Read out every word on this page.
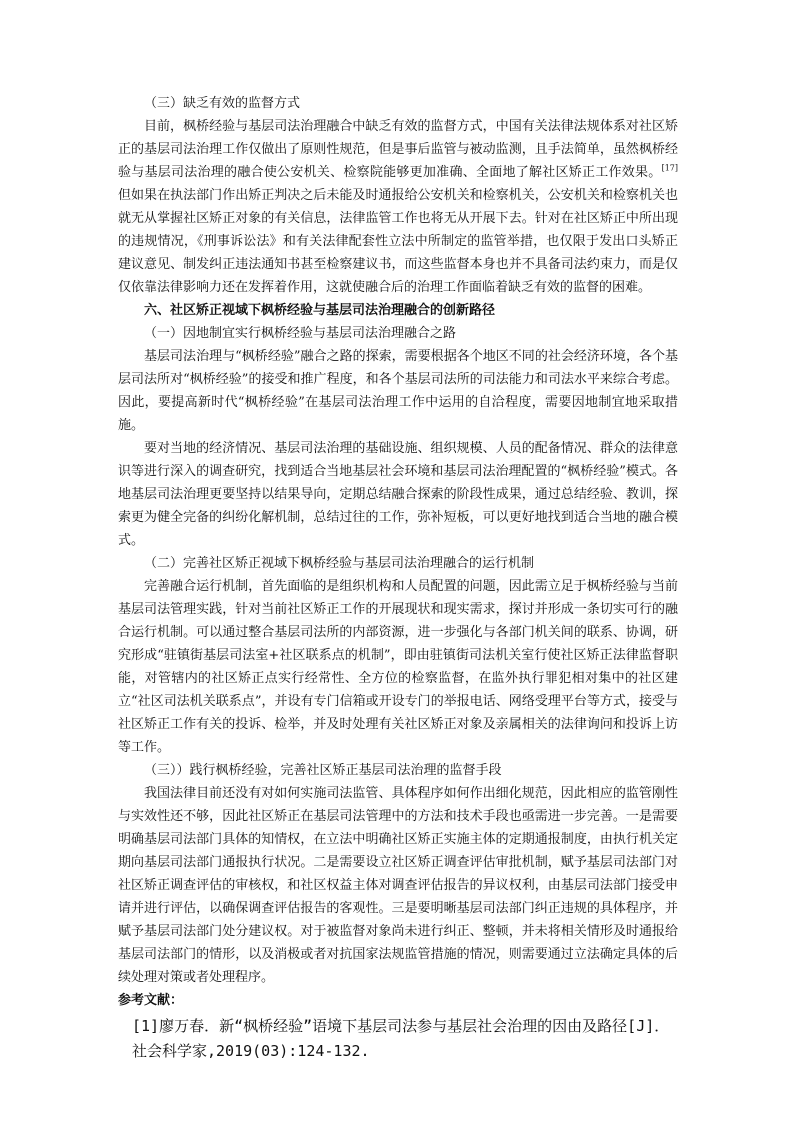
（三）缺乏有效的监督方式

目前，枫桥经验与基层司法治理融合中缺乏有效的监督方式，中国有关法律法规体系对社区矫正的基层司法治理工作仅做出了原则性规范，但是事后监管与被动监测，且手法简单，虽然枫桥经验与基层司法治理的融合使公安机关、检察院能够更加准确、全面地了解社区矫正工作效果。[17]但如果在执法部门作出矫正判决之后未能及时通报给公安机关和检察机关，公安机关和检察机关也就无从掌握社区矫正对象的有关信息，法律监管工作也将无从开展下去。针对在社区矫正中所出现的违规情况，《刑事诉讼法》和有关法律配套性立法中所制定的监管举措，也仅限于发出口头矫正建议意见、制发纠正违法通知书甚至检察建议书，而这些监督本身也并不具备司法约束力，而是仅仅依靠法律影响力还在发挥着作用，这就使融合后的治理工作面临着缺乏有效的监督的困难。

六、社区矫正视域下枫桥经验与基层司法治理融合的创新路径

（一）因地制宜实行枫桥经验与基层司法治理融合之路

基层司法治理与“枫桥经验”融合之路的探索，需要根据各个地区不同的社会经济环境，各个基层司法所对“枫桥经验”的接受和推广程度，和各个基层司法所的司法能力和司法水平来综合考虑。因此，要提高新时代“枫桥经验”在基层司法治理工作中运用的自洽程度，需要因地制宜地采取措施。

要对当地的经济情况、基层司法治理的基础设施、组织规模、人员的配备情况、群众的法律意识等进行深入的调查研究，找到适合当地基层社会环境和基层司法治理配置的“枫桥经验”模式。各地基层司法治理更要坚持以结果导向，定期总结融合探索的阶段性成果，通过总结经验、教训，探索更为健全完备的纠纷化解机制，总结过往的工作，弥补短板，可以更好地找到适合当地的融合模式。

（二）完善社区矫正视域下枫桥经验与基层司法治理融合的运行机制

完善融合运行机制，首先面临的是组织机构和人员配置的问题，因此需立足于枫桥经验与当前基层司法管理实践，针对当前社区矫正工作的开展现状和现实需求，探讨并形成一条切实可行的融合运行机制。可以通过整合基层司法所的内部资源，进一步强化与各部门机关间的联系、协调，研究形成“驻镇街基层司法室+社区联系点的机制”，即由驻镇街司法机关室行使社区矫正法律监督职能，对管辖内的社区矫正点实行经常性、全方位的检察监督，在监外执行罪犯相对集中的社区建立“社区司法机关联系点”，并设有专门信箱或开设专门的举报电话、网络受理平台等方式，接受与社区矫正工作有关的投诉、检举，并及时处理有关社区矫正对象及亲属相关的法律询问和投诉上访等工作。

（三））践行枫桥经验，完善社区矫正基层司法治理的监督手段

我国法律目前还没有对如何实施司法监管、具体程序如何作出细化规范，因此相应的监管刚性与实效性还不够，因此社区矫正在基层司法管理中的方法和技术手段也亟需进一步完善。一是需要明确基层司法部门具体的知情权，在立法中明确社区矫正实施主体的定期通报制度，由执行机关定期向基层司法部门通报执行状况。二是需要设立社区矫正调查评估审批机制，赋予基层司法部门对社区矫正调查评估的审核权，和社区权益主体对调查评估报告的异议权利，由基层司法部门接受申请并进行评估，以确保调查评估报告的客观性。三是要明晰基层司法部门纠正违规的具体程序，并赋予基层司法部门处分建议权。对于被监督对象尚未进行纠正、整顿，并未将相关情形及时通报给基层司法部门的情形，以及消极或者对抗国家法规监管措施的情况，则需要通过立法确定具体的后续处理对策或者处理程序。

参考文献：

[1]廖万春．新“枫桥经验”语境下基层司法参与基层社会治理的因由及路径[J]．社会科学家,2019(03):124-132.
